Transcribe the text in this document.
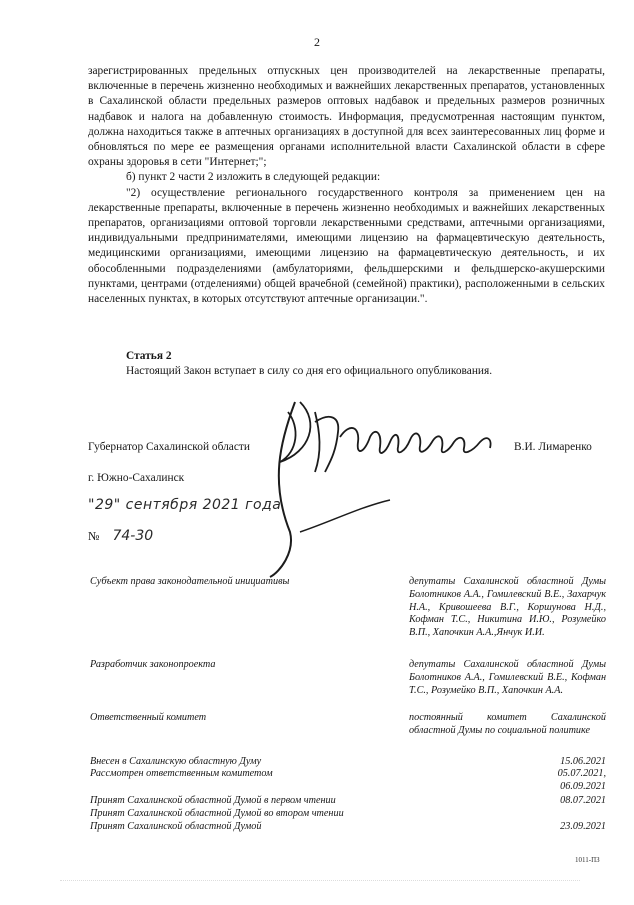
2

зарегистрированных предельных отпускных цен производителей на лекарственные препараты, включенные в перечень жизненно необходимых и важнейших лекарственных препаратов, установленных в Сахалинской области предельных размеров оптовых надбавок и предельных размеров розничных надбавок и налога на добавленную стоимость. Информация, предусмотренная настоящим пунктом, должна находиться также в аптечных организациях в доступной для всех заинтересованных лиц форме и обновляться по мере ее размещения органами исполнительной власти Сахалинской области в сфере охраны здоровья в сети "Интернет;";

б) пункт 2 части 2 изложить в следующей редакции:

"2) осуществление регионального государственного контроля за применением цен на лекарственные препараты, включенные в перечень жизненно необходимых и важнейших лекарственных препаратов, организациями оптовой торговли лекарственными средствами, аптечными организациями, индивидуальными предпринимателями, имеющими лицензию на фармацевтическую деятельность, медицинскими организациями, имеющими лицензию на фармацевтическую деятельность, и их обособленными подразделениями (амбулаториями, фельдшерскими и фельдшерско-акушерскими пунктами, центрами (отделениями) общей врачебной (семейной) практики), расположенными в сельских населенных пунктах, в которых отсутствуют аптечные организации.".

Статья 2
Настоящий Закон вступает в силу со дня его официального опубликования.
Губернатор Сахалинской области	В.И. Лимаренко
г. Южно-Сахалинск
"29" сентября 2021 года
№ 74-30
Субъект права законодательной инициативы	депутаты Сахалинской областной Думы Болотников А.А., Гомилевский В.Е., Захарчук Н.А., Кривошеева В.Г., Коршунова Н.Д., Кофман Т.С., Никитина И.Ю., Розумейко В.П., Хапочкин А.А.,Янчук И.И.
Разработчик законопроекта	депутаты Сахалинской областной Думы Болотников А.А., Гомилевский В.Е., Кофман Т.С., Розумейко В.П., Хапочкин А.А.
Ответственный комитет	постоянный комитет Сахалинской областной Думы по социальной политике
Внесен в Сахалинскую областную Думу	15.06.2021
Рассмотрен ответственным комитетом	05.07.2021,
06.09.2021
Принят Сахалинской областной Думой в первом чтении	08.07.2021
Принят Сахалинской областной Думой во втором чтении
Принят Сахалинской областной Думой	23.09.2021
1011-ПЗ
